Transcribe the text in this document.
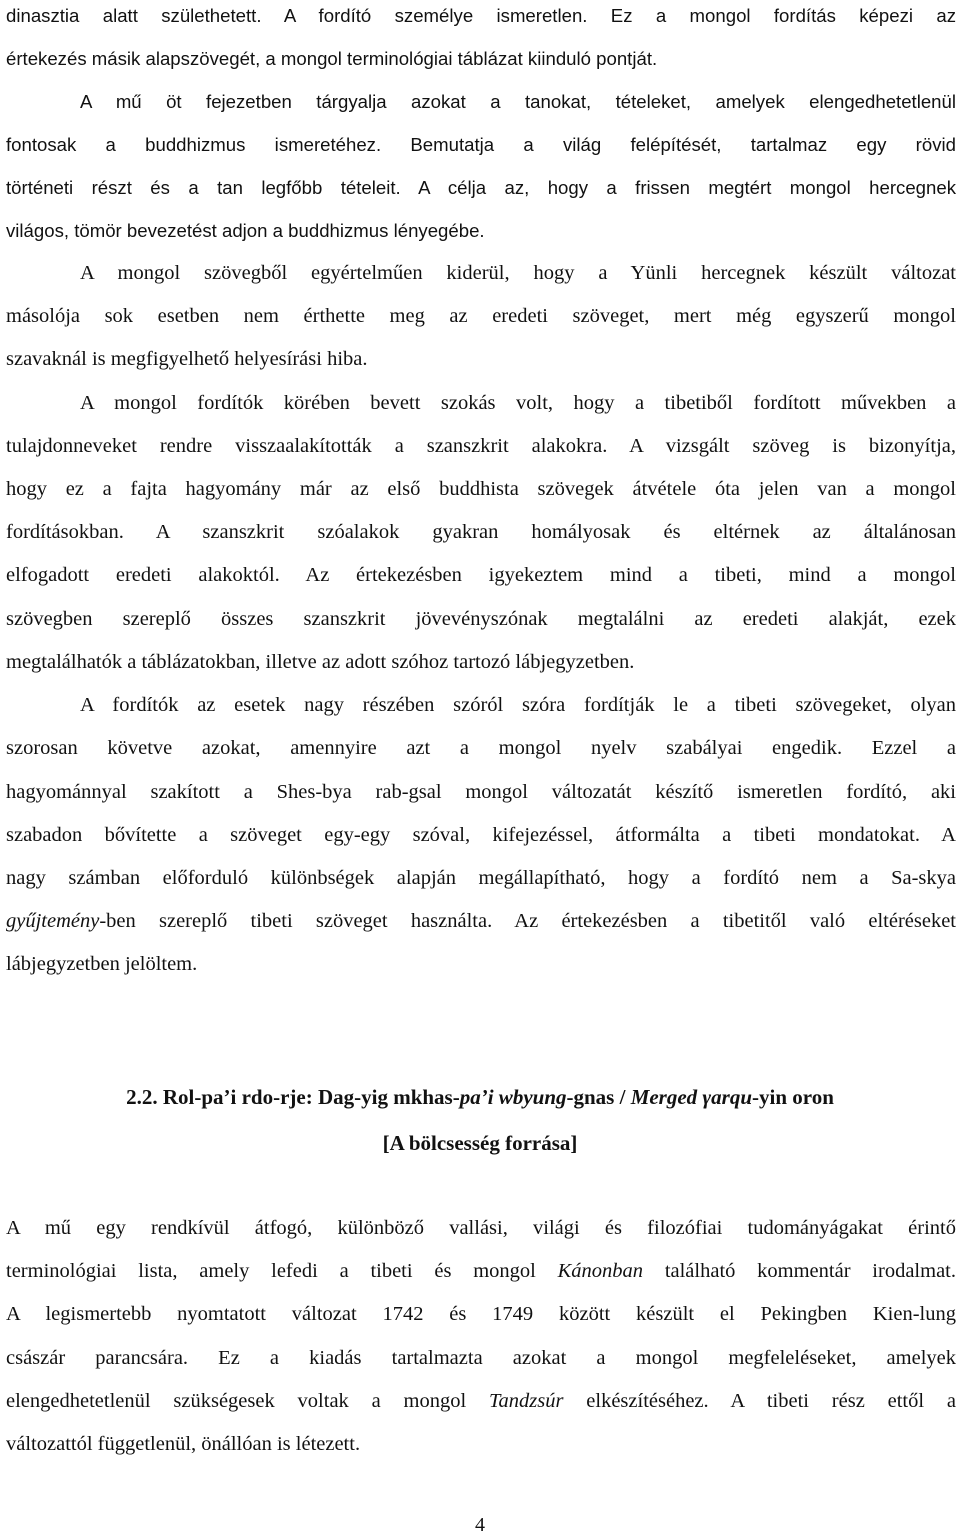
dinasztia alatt születhetett. A fordító személye ismeretlen. Ez a mongol fordítás képezi az
értekezés másik alapszövegét, a mongol terminológiai táblázat kiinduló pontját.
A mű öt fejezetben tárgyalja azokat a tanokat, tételeket, amelyek elengedhetetlenül
fontosak a buddhizmus ismeretéhez. Bemutatja a világ felépítését, tartalmaz egy rövid
történeti részt és a tan legfőbb tételeit. A célja az, hogy a frissen megtért mongol hercegnek
világos, tömör bevezetést adjon a buddhizmus lényegébe.
A mongol szövegből egyértelműen kiderül, hogy a Yünli hercegnek készült változat
másolója sok esetben nem érthette meg az eredeti szöveget, mert még egyszerű mongol
szavaknál is megfigyelhető helyesírási hiba.
A mongol fordítók körében bevett szokás volt, hogy a tibetiből fordított művekben a
tulajdonneveket rendre visszaalakították a szanszkrit alakokra. A vizsgált szöveg is bizonyítja,
hogy ez a fajta hagyomány már az első buddhista szövegek átvétele óta jelen van a mongol
fordításokban. A szanszkrit szóalakok gyakran homályosak és eltérnek az általánosan
elfogadott eredeti alakoktól. Az értekezésben igyekeztem mind a tibeti, mind a mongol
szövegben szereplő összes szanszkrit jövevényszónak megtalálni az eredeti alakját, ezek
megtalálhatók a táblázatokban, illetve az adott szóhoz tartozó lábjegyzetben.
A fordítók az esetek nagy részében szóról szóra fordítják le a tibeti szövegeket, olyan
szorosan követve azokat, amennyire azt a mongol nyelv szabályai engedik. Ezzel a
hagyománnyal szakított a Shes-bya rab-gsal mongol változatát készítő ismeretlen fordító, aki
szabadon bővítette a szöveget egy-egy szóval, kifejezéssel, átformálta a tibeti mondatokat. A
nagy számban előforduló különbségek alapján megállapítható, hogy a fordító nem a Sa-skya
gyűjtemény-ben szereplő tibeti szöveget használta. Az értekezésben a tibetitől való eltéréseket
lábjegyzetben jelöltem.
2.2. Rol-pa’i rdo-rje: Dag-yig mkhas-pa’i wbyung-gnas / Merged γarqu-yin oron
[A bölcsesség forrása]
A mű egy rendkívül átfogó, különböző vallási, világi és filozófiai tudományágakat érintő
terminológiai lista, amely lefedi a tibeti és mongol Kánonban található kommentár irodalmat.
A legismertebb nyomtatott változat 1742 és 1749 között készült el Pekingben Kien-lung
császár parancsára. Ez a kiadás tartalmazta azokat a mongol megfeleléseket, amelyek
elengedhetetlenül szükségesek voltak a mongol Tandzsúr elkészítéséhez. A tibeti rész ettől a
változattól függetlenül, önállóan is létezett.
4
